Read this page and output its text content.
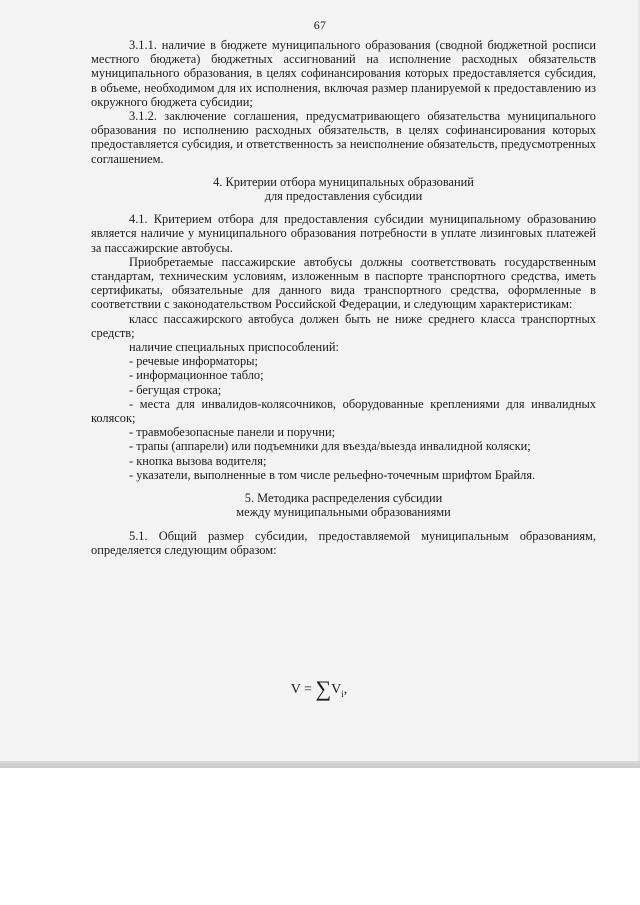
67

3.1.1. наличие в бюджете муниципального образования (сводной бюджетной росписи местного бюджета) бюджетных ассигнований на исполнение расходных обязательств муниципального образования, в целях софинансирования которых предоставляется субсидия, в объеме, необходимом для их исполнения, включая размер планируемой к предоставлению из окружного бюджета субсидии;

3.1.2. заключение соглашения, предусматривающего обязательства муниципального образования по исполнению расходных обязательств, в целях софинансирования которых предоставляется субсидия, и ответственность за неисполнение обязательств, предусмотренных соглашением.

4. Критерии отбора муниципальных образований
для предоставления субсидии

4.1. Критерием отбора для предоставления субсидии муниципальному образованию является наличие у муниципального образования потребности в уплате лизинговых платежей за пассажирские автобусы.

Приобретаемые пассажирские автобусы должны соответствовать государственным стандартам, техническим условиям, изложенным в паспорте транспортного средства, иметь сертификаты, обязательные для данного вида транспортного средства, оформленные в соответствии с законодательством Российской Федерации, и следующим характеристикам:

класс пассажирского автобуса должен быть не ниже среднего класса транспортных средств;

наличие специальных приспособлений:

- речевые информаторы;

- информационное табло;

- бегущая строка;

- места для инвалидов-колясочников, оборудованные креплениями для инвалидных колясок;

- травмобезопасные панели и поручни;

- трапы (аппарели) или подъемники для въезда/выезда инвалидной коляски;

- кнопка вызова водителя;

- указатели, выполненные в том числе рельефно-точечным шрифтом Брайля.

5. Методика распределения субсидии
между муниципальными образованиями

5.1. Общий размер субсидии, предоставляемой муниципальным образованиям, определяется следующим образом:

$V = \sum V_i$,
